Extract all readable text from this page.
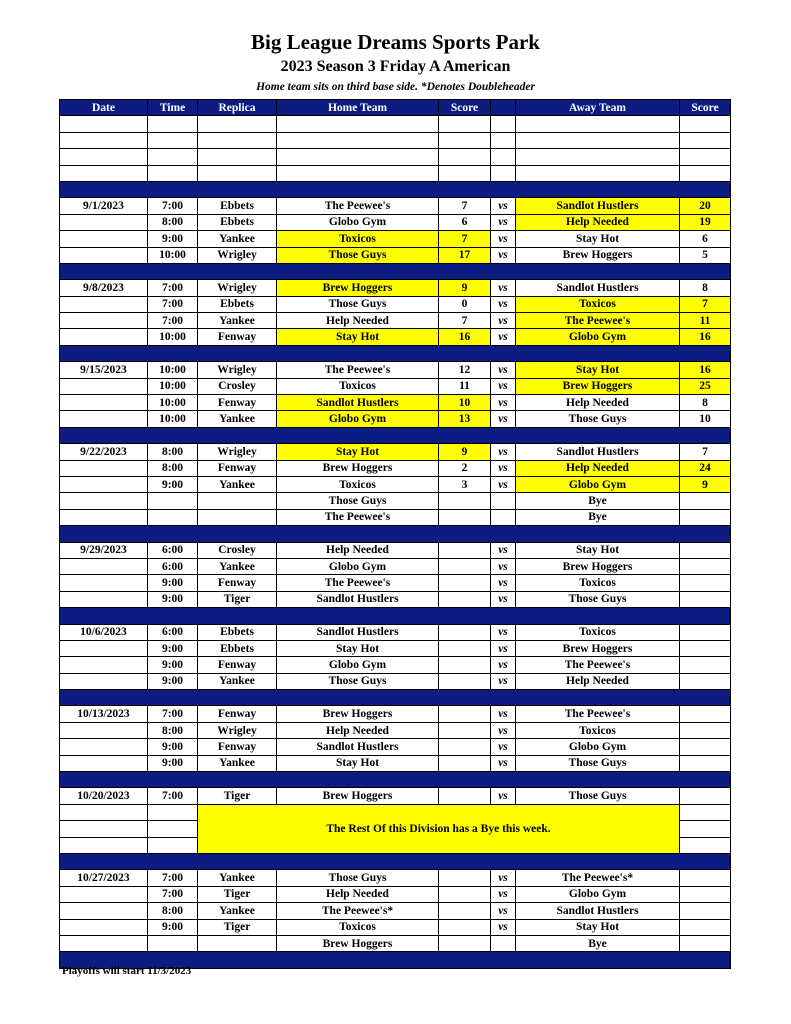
Big League Dreams Sports Park
2023 Season 3 Friday A American
Home team sits on third base side. *Denotes Doubleheader
Date	Time	Replica	Home Team	Score		Away Team	Score

9/1/2023	7:00	Ebbets	The Peewee's	7	vs	Sandlot Hustlers	20
	8:00	Ebbets	Globo Gym	6	vs	Help Needed	19
	9:00	Yankee	Toxicos	7	vs	Stay Hot	6
	10:00	Wrigley	Those Guys	17	vs	Brew Hoggers	5

9/8/2023	7:00	Wrigley	Brew Hoggers	9	vs	Sandlot Hustlers	8
	7:00	Ebbets	Those Guys	0	vs	Toxicos	7
	7:00	Yankee	Help Needed	7	vs	The Peewee's	11
	10:00	Fenway	Stay Hot	16	vs	Globo Gym	16

9/15/2023	10:00	Wrigley	The Peewee's	12	vs	Stay Hot	16
	10:00	Crosley	Toxicos	11	vs	Brew Hoggers	25
	10:00	Fenway	Sandlot Hustlers	10	vs	Help Needed	8
	10:00	Yankee	Globo Gym	13	vs	Those Guys	10

9/22/2023	8:00	Wrigley	Stay Hot	9	vs	Sandlot Hustlers	7
	8:00	Fenway	Brew Hoggers	2	vs	Help Needed	24
	9:00	Yankee	Toxicos	3	vs	Globo Gym	9
			Those Guys			Bye	
			The Peewee's			Bye	

9/29/2023	6:00	Crosley	Help Needed		vs	Stay Hot	
	6:00	Yankee	Globo Gym		vs	Brew Hoggers	
	9:00	Fenway	The Peewee's		vs	Toxicos	
	9:00	Tiger	Sandlot Hustlers		vs	Those Guys	

10/6/2023	6:00	Ebbets	Sandlot Hustlers		vs	Toxicos	
	9:00	Ebbets	Stay Hot		vs	Brew Hoggers	
	9:00	Fenway	Globo Gym		vs	The Peewee's	
	9:00	Yankee	Those Guys		vs	Help Needed	

10/13/2023	7:00	Fenway	Brew Hoggers		vs	The Peewee's	
	8:00	Wrigley	Help Needed		vs	Toxicos	
	9:00	Fenway	Sandlot Hustlers		vs	Globo Gym	
	9:00	Yankee	Stay Hot		vs	Those Guys	

10/20/2023	7:00	Tiger	Brew Hoggers		vs	Those Guys	
		The Rest Of this Division has a Bye this week.					

10/27/2023	7:00	Yankee	Those Guys		vs	The Peewee's*	
	7:00	Tiger	Help Needed		vs	Globo Gym	
	8:00	Yankee	The Peewee's*		vs	Sandlot Hustlers	
	9:00	Tiger	Toxicos		vs	Stay Hot	
			Brew Hoggers			Bye	

Playoffs will start 11/3/2023
